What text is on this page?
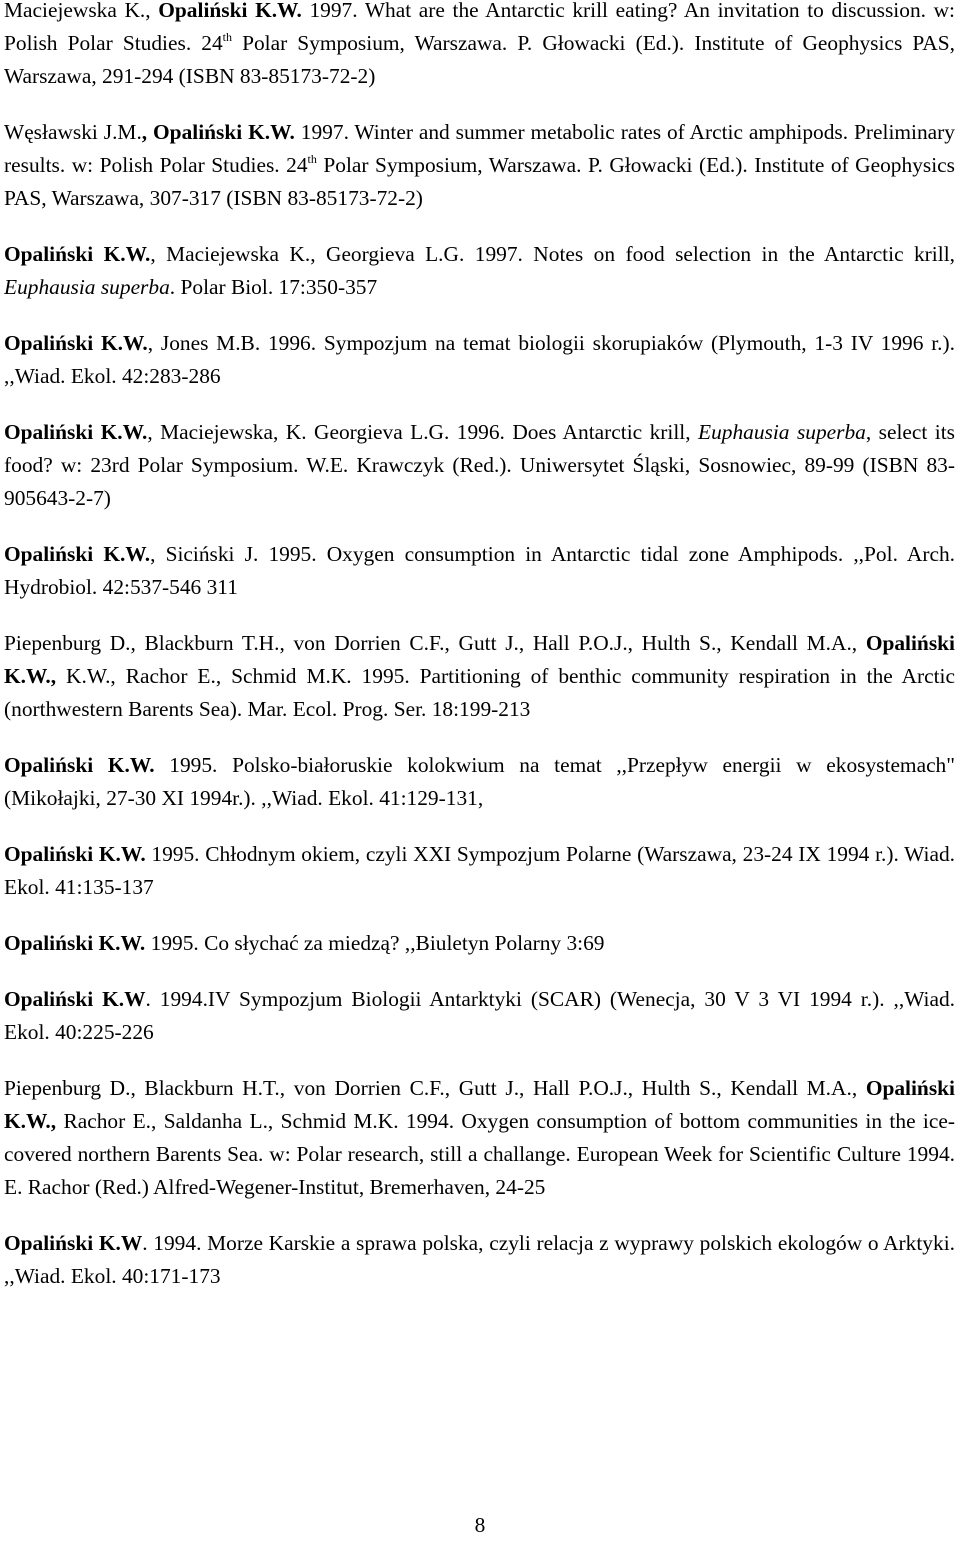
Maciejewska K., Opaliński K.W. 1997. What are the Antarctic krill eating? An invitation to discussion. w: Polish Polar Studies. 24th Polar Symposium, Warszawa. P. Głowacki (Ed.). Institute of Geophysics PAS, Warszawa, 291-294 (ISBN 83-85173-72-2)

Węsławski J.M., Opaliński K.W. 1997. Winter and summer metabolic rates of Arctic amphipods. Preliminary results. w: Polish Polar Studies. 24th Polar Symposium, Warszawa. P. Głowacki (Ed.). Institute of Geophysics PAS, Warszawa, 307-317 (ISBN 83-85173-72-2)

Opaliński K.W., Maciejewska K., Georgieva L.G. 1997. Notes on food selection in the Antarctic krill, Euphausia superba. Polar Biol. 17:350-357

Opaliński K.W., Jones M.B. 1996. Sympozjum na temat biologii skorupiaków (Plymouth, 1-3 IV 1996 r.). ,,Wiad. Ekol. 42:283-286

Opaliński K.W., Maciejewska, K. Georgieva L.G. 1996. Does Antarctic krill, Euphausia superba, select its food? w: 23rd Polar Symposium. W.E. Krawczyk (Red.). Uniwersytet Śląski, Sosnowiec, 89-99 (ISBN 83-905643-2-7)

Opaliński K.W., Siciński J. 1995. Oxygen consumption in Antarctic tidal zone Amphipods. ,,Pol. Arch. Hydrobiol. 42:537-546 311

Piepenburg D., Blackburn T.H., von Dorrien C.F., Gutt J., Hall P.O.J., Hulth S., Kendall M.A., Opaliński K.W., K.W., Rachor E., Schmid M.K. 1995. Partitioning of benthic community respiration in the Arctic (northwestern Barents Sea). Mar. Ecol. Prog. Ser. 18:199-213

Opaliński K.W. 1995. Polsko-białoruskie kolokwium na temat ,,Przepływ energii w ekosystemach" (Mikołajki, 27-30 XI 1994r.). ,,Wiad. Ekol. 41:129-131,

Opaliński K.W. 1995. Chłodnym okiem, czyli XXI Sympozjum Polarne (Warszawa, 23-24 IX 1994 r.). Wiad. Ekol. 41:135-137

Opaliński K.W. 1995. Co słychać za miedzą? ,,Biuletyn Polarny 3:69

Opaliński K.W. 1994.IV Sympozjum Biologii Antarktyki (SCAR) (Wenecja, 30 V 3 VI 1994 r.). ,,Wiad. Ekol. 40:225-226

Piepenburg D., Blackburn H.T., von Dorrien C.F., Gutt J., Hall P.O.J., Hulth S., Kendall M.A., Opaliński K.W., Rachor E., Saldanha L., Schmid M.K. 1994. Oxygen consumption of bottom communities in the ice-covered northern Barents Sea. w: Polar research, still a challange. European Week for Scientific Culture 1994. E. Rachor (Red.) Alfred-Wegener-Institut, Bremerhaven, 24-25

Opaliński K.W. 1994. Morze Karskie a sprawa polska, czyli relacja z wyprawy polskich ekologów o Arktyki. ,,Wiad. Ekol. 40:171-173

8
